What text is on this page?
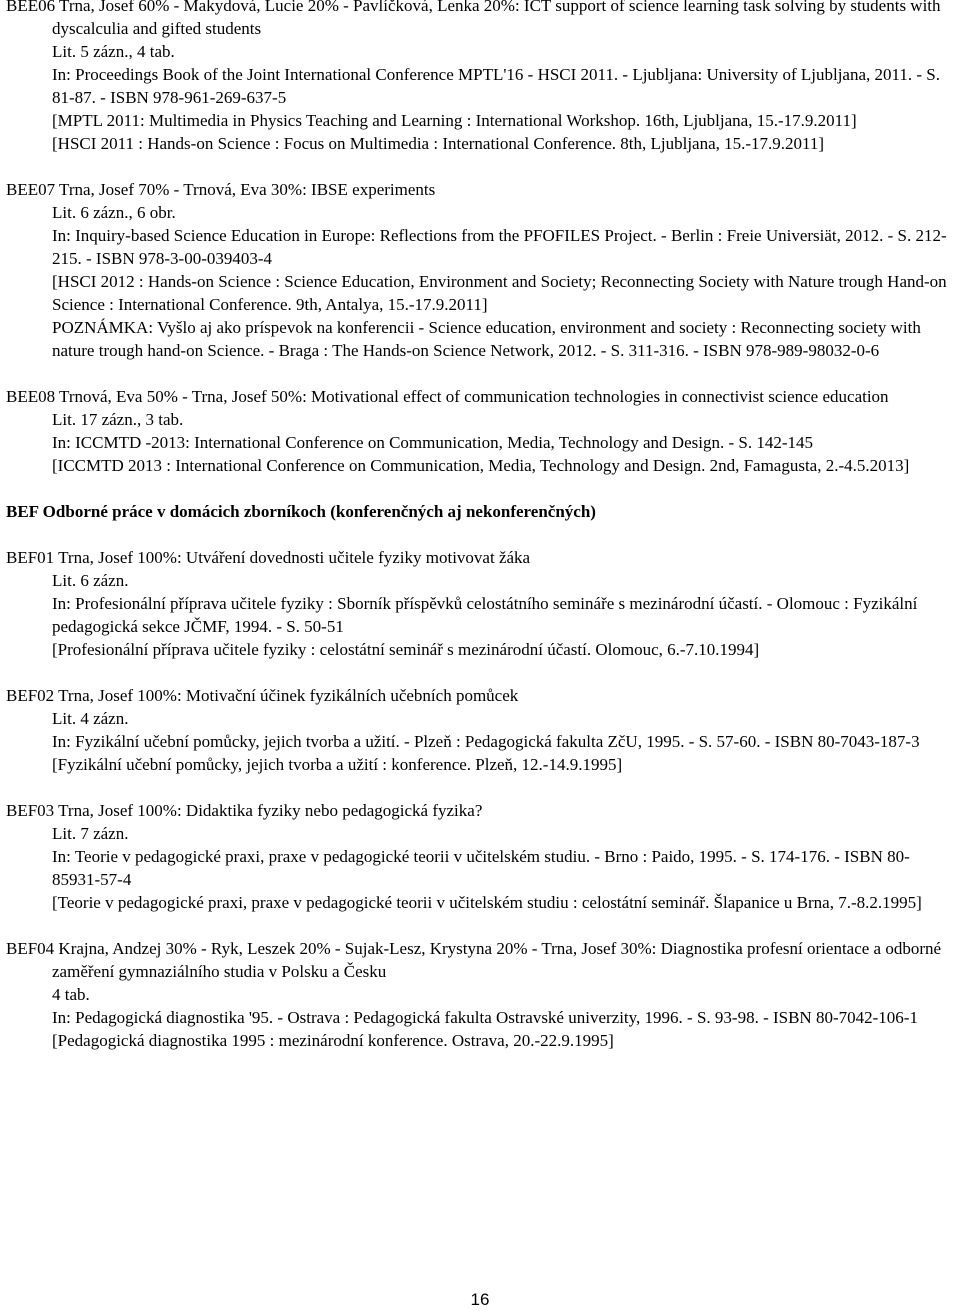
BEE06 Trna, Josef 60% - Makydová, Lucie 20% - Pavlíčková, Lenka 20%: ICT support of science learning task solving by students with dyscalculia and gifted students
Lit. 5 zázn., 4 tab.
In: Proceedings Book of the Joint International Conference MPTL'16 - HSCI 2011. - Ljubljana: University of Ljubljana, 2011. - S. 81-87. - ISBN 978-961-269-637-5
[MPTL 2011: Multimedia in Physics Teaching and Learning : International Workshop. 16th, Ljubljana, 15.-17.9.2011]
[HSCI 2011 : Hands-on Science : Focus on Multimedia : International Conference. 8th, Ljubljana, 15.-17.9.2011]
BEE07 Trna, Josef 70% - Trnová, Eva 30%: IBSE experiments
Lit. 6 zázn., 6 obr.
In: Inquiry-based Science Education in Europe: Reflections from the PFOFILES Project. - Berlin : Freie Universiät, 2012. - S. 212-215. - ISBN 978-3-00-039403-4
[HSCI 2012 : Hands-on Science : Science Education, Environment and Society; Reconnecting Society with Nature trough Hand-on Science : International Conference. 9th, Antalya, 15.-17.9.2011]
POZNÁMKA: Vyšlo aj ako príspevok na konferencii - Science education, environment and society : Reconnecting society with nature trough hand-on Science. - Braga : The Hands-on Science Network, 2012. - S. 311-316. - ISBN 978-989-98032-0-6
BEE08 Trnová, Eva 50% - Trna, Josef 50%: Motivational effect of communication technologies in connectivist science education
Lit. 17 zázn., 3 tab.
In: ICCMTD -2013: International Conference on Communication, Media, Technology and Design. - S. 142-145
[ICCMTD 2013 : International Conference on Communication, Media, Technology and Design. 2nd, Famagusta, 2.-4.5.2013]
BEF Odborné práce v domácich zborníkoch (konferenčných aj nekonferenčných)
BEF01 Trna, Josef 100%: Utváření dovednosti učitele fyziky motivovat žáka
Lit. 6 zázn.
In: Profesionální příprava učitele fyziky : Sborník příspěvků celostátního semináře s mezinárodní účastí. - Olomouc : Fyzikální pedagogická sekce JČMF, 1994. - S. 50-51
[Profesionální příprava učitele fyziky : celostátní seminář s mezinárodní účastí. Olomouc, 6.-7.10.1994]
BEF02 Trna, Josef 100%: Motivační účinek fyzikálních učebních pomůcek
Lit. 4 zázn.
In: Fyzikální učební pomůcky, jejich tvorba a užití. - Plzeň : Pedagogická fakulta ZčU, 1995. - S. 57-60. - ISBN 80-7043-187-3
[Fyzikální učební pomůcky, jejich tvorba a užití : konference. Plzeň, 12.-14.9.1995]
BEF03 Trna, Josef 100%: Didaktika fyziky nebo pedagogická fyzika?
Lit. 7 zázn.
In: Teorie v pedagogické praxi, praxe v pedagogické teorii v učitelském studiu. - Brno : Paido, 1995. - S. 174-176. - ISBN 80-85931-57-4
[Teorie v pedagogické praxi, praxe v pedagogické teorii v učitelském studiu : celostátní seminář. Šlapanice u Brna, 7.-8.2.1995]
BEF04 Krajna, Andzej 30% - Ryk, Leszek 20% - Sujak-Lesz, Krystyna 20% - Trna, Josef 30%: Diagnostika profesní orientace a odborné zaměření gymnaziálního studia v Polsku a Česku
4 tab.
In: Pedagogická diagnostika '95. - Ostrava : Pedagogická fakulta Ostravské univerzity, 1996. - S. 93-98. - ISBN 80-7042-106-1
[Pedagogická diagnostika 1995 : mezinárodní konference. Ostrava, 20.-22.9.1995]
16
